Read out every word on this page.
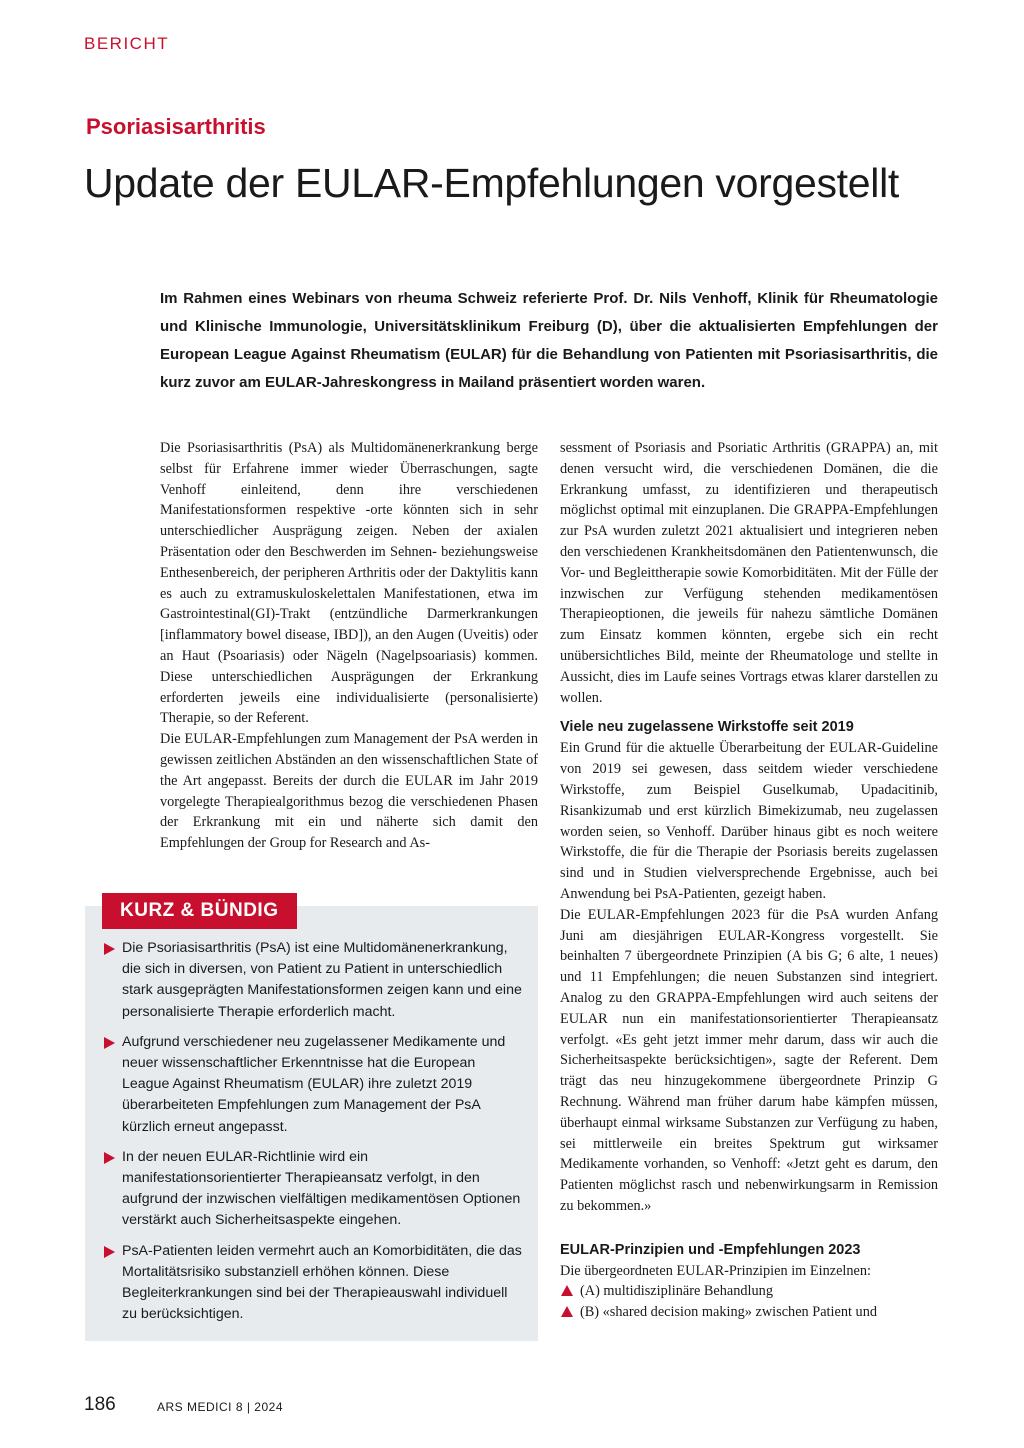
BERICHT
Psoriasisarthritis
Update der EULAR-Empfehlungen vorgestellt

Im Rahmen eines Webinars von rheuma Schweiz referierte Prof. Dr. Nils Venhoff, Klinik für Rheumatologie und Klinische Immunologie, Universitätsklinikum Freiburg (D), über die aktualisierten Empfehlungen der European League Against Rheumatism (EULAR) für die Behandlung von Patienten mit Psoriasisarthritis, die kurz zuvor am EULAR-Jahreskongress in Mailand präsentiert worden waren.

Die Psoriasisarthritis (PsA) als Multidomänenerkrankung berge selbst für Erfahrene immer wieder Überraschungen, sagte Venhoff einleitend, denn ihre verschiedenen Manifestationsformen respektive -orte könnten sich in sehr unterschiedlicher Ausprägung zeigen. Neben der axialen Präsentation oder den Beschwerden im Sehnen- beziehungsweise Enthesenbereich, der peripheren Arthritis oder der Daktylitis kann es auch zu extramuskuloskelettalen Manifestationen, etwa im Gastrointestinal(GI)-Trakt (entzündliche Darmerkrankungen [inflammatory bowel disease, IBD]), an den Augen (Uveitis) oder an Haut (Psoariasis) oder Nägeln (Nagelpsoariasis) kommen. Diese unterschiedlichen Ausprägungen der Erkrankung erforderten jeweils eine individualisierte (personalisierte) Therapie, so der Referent.

Die EULAR-Empfehlungen zum Management der PsA werden in gewissen zeitlichen Abständen an den wissenschaftlichen State of the Art angepasst. Bereits der durch die EULAR im Jahr 2019 vorgelegte Therapiealgorithmus bezog die verschiedenen Phasen der Erkrankung mit ein und näherte sich damit den Empfehlungen der Group for Research and As-

sessment of Psoriasis and Psoriatic Arthritis (GRAPPA) an, mit denen versucht wird, die verschiedenen Domänen, die die Erkrankung umfasst, zu identifizieren und therapeutisch möglichst optimal mit einzuplanen. Die GRAPPA-Empfehlungen zur PsA wurden zuletzt 2021 aktualisiert und integrieren neben den verschiedenen Krankheitsdomänen den Patientenwunsch, die Vor- und Begleittherapie sowie Komorbiditäten. Mit der Fülle der inzwischen zur Verfügung stehenden medikamentösen Therapieoptionen, die jeweils für nahezu sämtliche Domänen zum Einsatz kommen könnten, ergebe sich ein recht unübersichtliches Bild, meinte der Rheumatologe und stellte in Aussicht, dies im Laufe seines Vortrags etwas klarer darstellen zu wollen.

Viele neu zugelassene Wirkstoffe seit 2019

Ein Grund für die aktuelle Überarbeitung der EULAR-Guideline von 2019 sei gewesen, dass seitdem wieder verschiedene Wirkstoffe, zum Beispiel Guselkumab, Upadacitinib, Risankizumab und erst kürzlich Bimekizumab, neu zugelassen worden seien, so Venhoff. Darüber hinaus gibt es noch weitere Wirkstoffe, die für die Therapie der Psoriasis bereits zugelassen sind und in Studien vielversprechende Ergebnisse, auch bei Anwendung bei PsA-Patienten, gezeigt haben.

Die EULAR-Empfehlungen 2023 für die PsA wurden Anfang Juni am diesjährigen EULAR-Kongress vorgestellt. Sie beinhalten 7 übergeordnete Prinzipien (A bis G; 6 alte, 1 neues) und 11 Empfehlungen; die neuen Substanzen sind integriert. Analog zu den GRAPPA-Empfehlungen wird auch seitens der EULAR nun ein manifestationsorientierter Therapieansatz verfolgt. «Es geht jetzt immer mehr darum, dass wir auch die Sicherheitsaspekte berücksichtigen», sagte der Referent. Dem trägt das neu hinzugekommene übergeordnete Prinzip G Rechnung. Während man früher darum habe kämpfen müssen, überhaupt einmal wirksame Substanzen zur Verfügung zu haben, sei mittlerweile ein breites Spektrum gut wirksamer Medikamente vorhanden, so Venhoff: «Jetzt geht es darum, den Patienten möglichst rasch und nebenwirkungsarm in Remission zu bekommen.»

EULAR-Prinzipien und -Empfehlungen 2023

Die übergeordneten EULAR-Prinzipien im Einzelnen:

(A) multidisziplinäre Behandlung
(B) «shared decision making» zwischen Patient und
KURZ & BÜNDIG
Die Psoriasisarthritis (PsA) ist eine Multidomänenerkrankung, die sich in diversen, von Patient zu Patient in unterschiedlich stark ausgeprägten Manifestationsformen zeigen kann und eine personalisierte Therapie erforderlich macht.
Aufgrund verschiedener neu zugelassener Medikamente und neuer wissenschaftlicher Erkenntnisse hat die European League Against Rheumatism (EULAR) ihre zuletzt 2019 überarbeiteten Empfehlungen zum Management der PsA kürzlich erneut angepasst.
In der neuen EULAR-Richtlinie wird ein manifestationsorientierter Therapieansatz verfolgt, in den aufgrund der inzwischen vielfältigen medikamentösen Optionen verstärkt auch Sicherheitsaspekte eingehen.
PsA-Patienten leiden vermehrt auch an Komorbiditäten, die das Mortalitätsrisiko substanziell erhöhen können. Diese Begleiterkrankungen sind bei der Therapieauswahl individuell zu berücksichtigen.
186	ARS MEDICI 8 | 2024
